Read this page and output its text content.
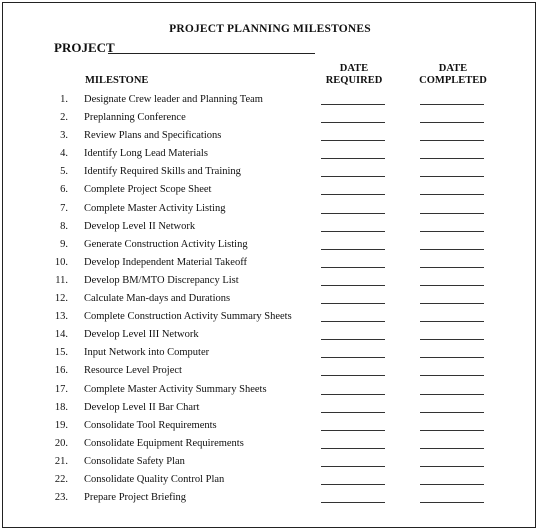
PROJECT PLANNING MILESTONES
PROJECT
MILESTONE
DATE
REQUIRED
DATE
COMPLETED
1. Designate Crew leader and Planning Team
2. Preplanning Conference
3. Review Plans and Specifications
4. Identify Long Lead Materials
5. Identify Required Skills and Training
6. Complete Project Scope Sheet
7. Complete Master Activity Listing
8. Develop Level II Network
9. Generate Construction Activity Listing
10. Develop Independent Material Takeoff
11. Develop BM/MTO Discrepancy List
12. Calculate Man-days and Durations
13. Complete Construction Activity Summary Sheets
14. Develop Level III Network
15. Input Network into Computer
16. Resource Level Project
17. Complete Master Activity Summary Sheets
18. Develop Level II Bar Chart
19. Consolidate Tool Requirements
20. Consolidate Equipment Requirements
21. Consolidate Safety Plan
22. Consolidate Quality Control Plan
23. Prepare Project Briefing
